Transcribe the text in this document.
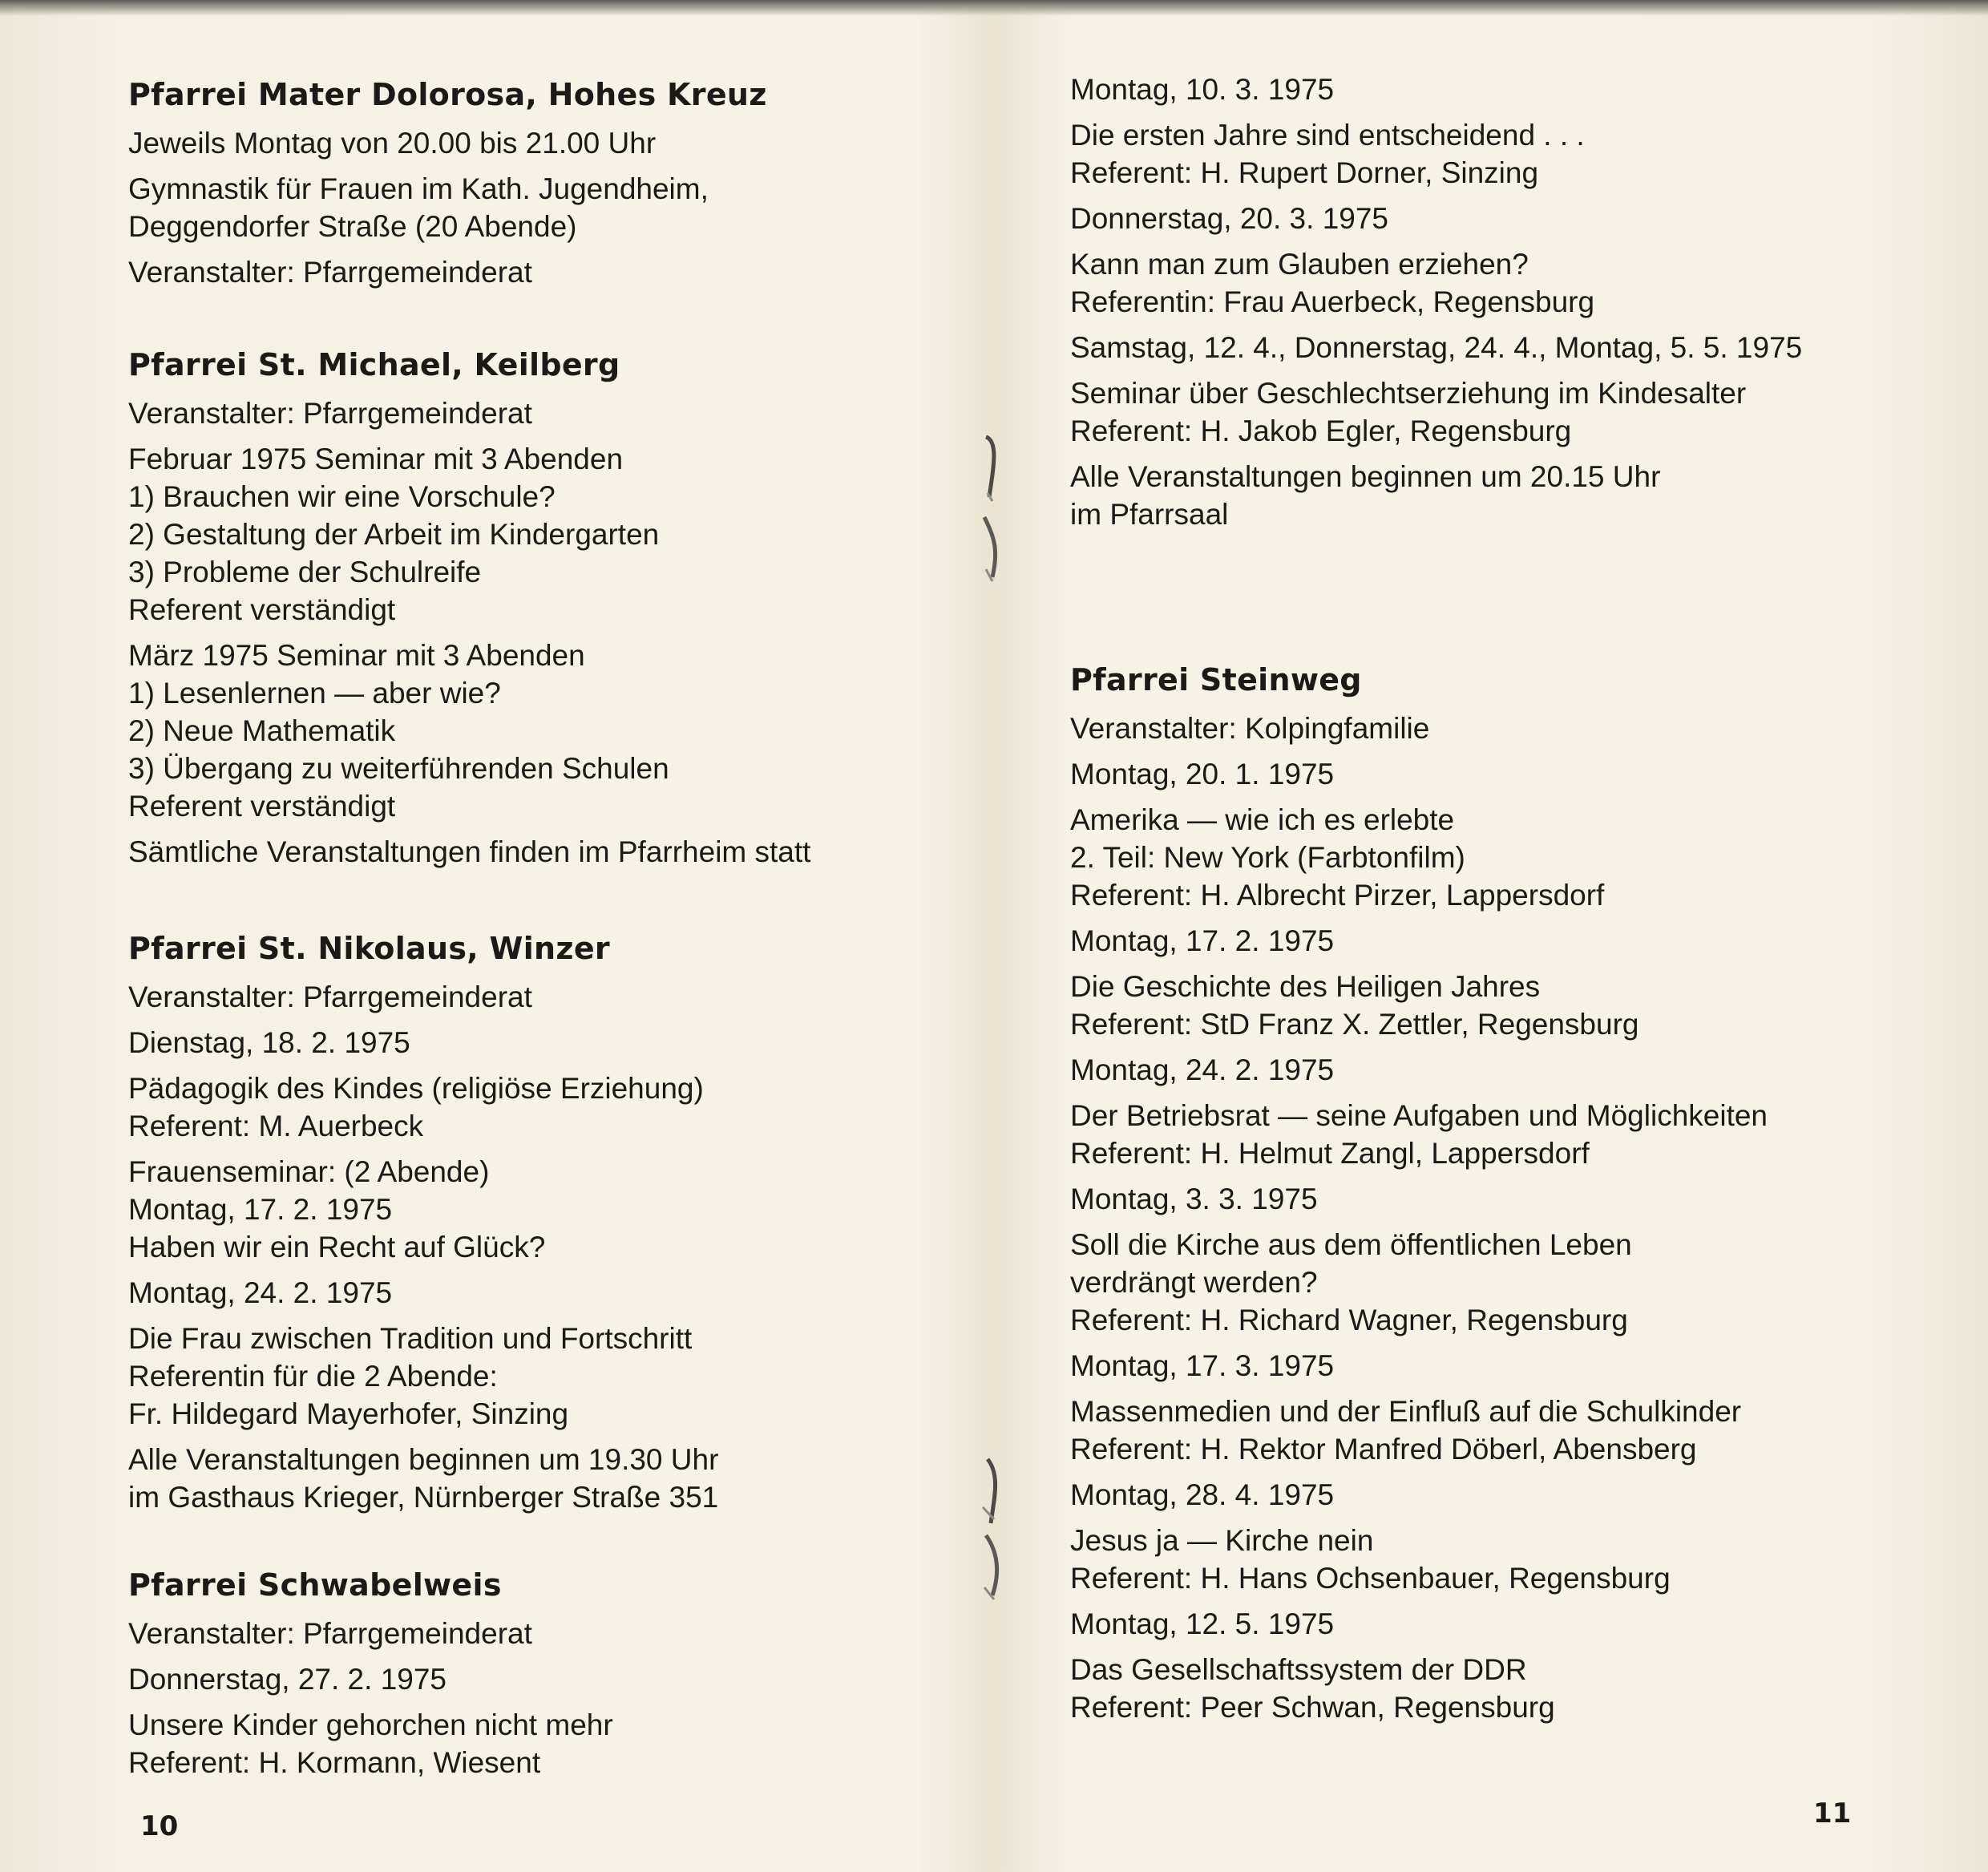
Pfarrei Mater Dolorosa, Hohes Kreuz
Jeweils Montag von 20.00 bis 21.00 Uhr
Gymnastik für Frauen im Kath. Jugendheim,
Deggendorfer Straße (20 Abende)
Veranstalter: Pfarrgemeinderat
Pfarrei St. Michael, Keilberg
Veranstalter: Pfarrgemeinderat
Februar 1975 Seminar mit 3 Abenden
1) Brauchen wir eine Vorschule?
2) Gestaltung der Arbeit im Kindergarten
3) Probleme der Schulreife
Referent verständigt
März 1975 Seminar mit 3 Abenden
1) Lesenlernen — aber wie?
2) Neue Mathematik
3) Übergang zu weiterführenden Schulen
Referent verständigt
Sämtliche Veranstaltungen finden im Pfarrheim statt
Pfarrei St. Nikolaus, Winzer
Veranstalter: Pfarrgemeinderat
Dienstag, 18. 2. 1975
Pädagogik des Kindes (religiöse Erziehung)
Referent: M. Auerbeck
Frauenseminar: (2 Abende)
Montag, 17. 2. 1975
Haben wir ein Recht auf Glück?
Montag, 24. 2. 1975
Die Frau zwischen Tradition und Fortschritt
Referentin für die 2 Abende:
Fr. Hildegard Mayerhofer, Sinzing
Alle Veranstaltungen beginnen um 19.30 Uhr
im Gasthaus Krieger, Nürnberger Straße 351
Pfarrei Schwabelweis
Veranstalter: Pfarrgemeinderat
Donnerstag, 27. 2. 1975
Unsere Kinder gehorchen nicht mehr
Referent: H. Kormann, Wiesent
Montag, 10. 3. 1975
Die ersten Jahre sind entscheidend . . .
Referent: H. Rupert Dorner, Sinzing
Donnerstag, 20. 3. 1975
Kann man zum Glauben erziehen?
Referentin: Frau Auerbeck, Regensburg
Samstag, 12. 4., Donnerstag, 24. 4., Montag, 5. 5. 1975
Seminar über Geschlechtserziehung im Kindesalter
Referent: H. Jakob Egler, Regensburg
Alle Veranstaltungen beginnen um 20.15 Uhr
im Pfarrsaal
Pfarrei Steinweg
Veranstalter: Kolpingfamilie
Montag, 20. 1. 1975
Amerika — wie ich es erlebte
2. Teil: New York (Farbtonfilm)
Referent: H. Albrecht Pirzer, Lappersdorf
Montag, 17. 2. 1975
Die Geschichte des Heiligen Jahres
Referent: StD Franz X. Zettler, Regensburg
Montag, 24. 2. 1975
Der Betriebsrat — seine Aufgaben und Möglichkeiten
Referent: H. Helmut Zangl, Lappersdorf
Montag, 3. 3. 1975
Soll die Kirche aus dem öffentlichen Leben
verdrängt werden?
Referent: H. Richard Wagner, Regensburg
Montag, 17. 3. 1975
Massenmedien und der Einfluß auf die Schulkinder
Referent: H. Rektor Manfred Döberl, Abensberg
Montag, 28. 4. 1975
Jesus ja — Kirche nein
Referent: H. Hans Ochsenbauer, Regensburg
Montag, 12. 5. 1975
Das Gesellschaftssystem der DDR
Referent: Peer Schwan, Regensburg
10	11
